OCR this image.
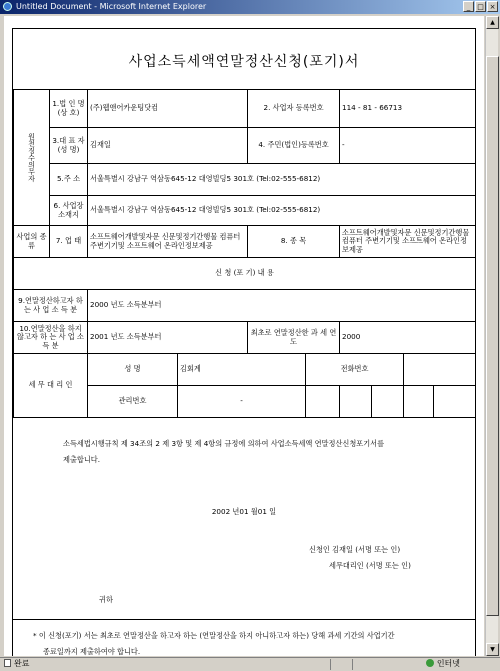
Untitled Document - Microsoft Internet Explorer	_ □ ×
사업소득세액연말정산신청(포기)서
원천징수의무자	1.법 인 명 (상 호)	(주)웹앤어카운팅닷컴		2. 사업자 등록번호		114 - 81 - 66713			
	3.대 표 자 (성 명)	김재일		4. 주민(법인)등록번호		-			
	5.주 소	서울특별시 강남구 역삼동645-12 대영빌딩5 301호 (Tel:02-555-6812)							
	6. 사업장소재지	서울특별시 강남구 역삼동645-12 대영빌딩5 301호 (Tel:02-555-6812)							
사업의 종류	7. 업 태	소프트웨어개발및자문 신문및정기간행물 컴퓨터 주변기기및 소프트웨어 온라인정보제공		8. 종 목		소프트웨어개발및자문 신문및정기간행물 컴퓨터 주변기기및 소프트웨어 온라인정보제공			
신 청 (포 기) 내 용									
9.연말정산하고자 하는 사 업 소 득 분		2000 년도 소득분부터							
10.연말정산을 하지않고자 하 는 사 업 소 득 분		2001 년도 소득분부터		최초로 연말정산한 과 세 연 도		2000			
세 무 대 리 인		성 명	김회계		전화번호				
		관리번호	-						
소득세법시행규칙 제 34조의 2 제 3항 및 제 4항의 규정에 의하여 사업소득세액 연말정산신청포기서를
제출합니다.
2002 년01 월01 일
신청인 김재일 (서명 또는 인)
세무대리인 (서명 또는 인)
귀하
* 이 신청(포기) 서는 최초로 연말정산을 하고자 하는 (연말정산을 하지 아니하고자 하는) 당해 과세 기간의 사업기간
종료일까지 제출하여야 합니다.
▲
▼
완료	인터넷
